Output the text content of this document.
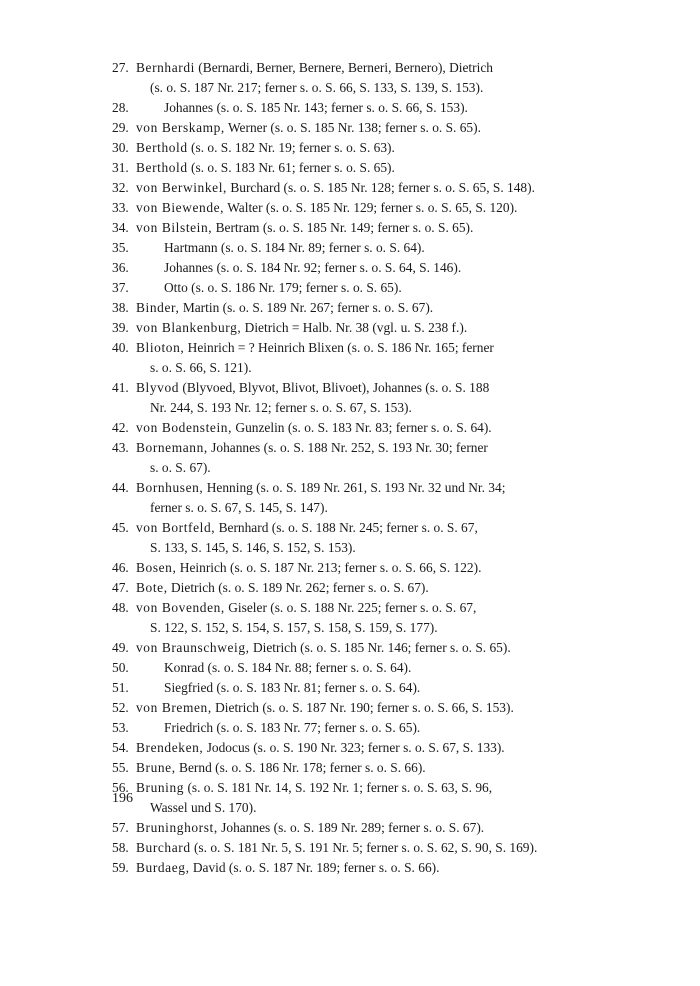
27. Bernhardi (Bernardi, Berner, Bernere, Berneri, Bernero), Dietrich
(s. o. S. 187 Nr. 217; ferner s. o. S. 66, S. 133, S. 139, S. 153).
28.	Johannes (s. o. S. 185 Nr. 143; ferner s. o. S. 66, S. 153).
29. von Berskamp, Werner (s. o. S. 185 Nr. 138; ferner s. o. S. 65).
30. Berthold (s. o. S. 182 Nr. 19; ferner s. o. S. 63).
31. Berthold (s. o. S. 183 Nr. 61; ferner s. o. S. 65).
32. von Berwinkel, Burchard (s. o. S. 185 Nr. 128; ferner s. o. S. 65, S. 148).
33. von Biewende, Walter (s. o. S. 185 Nr. 129; ferner s. o. S. 65, S. 120).
34. von Bilstein, Bertram (s. o. S. 185 Nr. 149; ferner s. o. S. 65).
35.	Hartmann (s. o. S. 184 Nr. 89; ferner s. o. S. 64).
36.	Johannes (s. o. S. 184 Nr. 92; ferner s. o. S. 64, S. 146).
37.	Otto (s. o. S. 186 Nr. 179; ferner s. o. S. 65).
38. Binder, Martin (s. o. S. 189 Nr. 267; ferner s. o. S. 67).
39. von Blankenburg, Dietrich = Halb. Nr. 38 (vgl. u. S. 238 f.).
40. Blioton, Heinrich = ? Heinrich Blixen (s. o. S. 186 Nr. 165; ferner
s. o. S. 66, S. 121).
41. Blyvod (Blyvoed, Blyvot, Blivot, Blivoet), Johannes (s. o. S. 188
Nr. 244, S. 193 Nr. 12; ferner s. o. S. 67, S. 153).
42. von Bodenstein, Gunzelin (s. o. S. 183 Nr. 83; ferner s. o. S. 64).
43. Bornemann, Johannes (s. o. S. 188 Nr. 252, S. 193 Nr. 30; ferner
s. o. S. 67).
44. Bornhusen, Henning (s. o. S. 189 Nr. 261, S. 193 Nr. 32 und Nr. 34;
ferner s. o. S. 67, S. 145, S. 147).
45. von Bortfeld, Bernhard (s. o. S. 188 Nr. 245; ferner s. o. S. 67,
S. 133, S. 145, S. 146, S. 152, S. 153).
46. Bosen, Heinrich (s. o. S. 187 Nr. 213; ferner s. o. S. 66, S. 122).
47. Bote, Dietrich (s. o. S. 189 Nr. 262; ferner s. o. S. 67).
48. von Bovenden, Giseler (s. o. S. 188 Nr. 225; ferner s. o. S. 67,
S. 122, S. 152, S. 154, S. 157, S. 158, S. 159, S. 177).
49. von Braunschweig, Dietrich (s. o. S. 185 Nr. 146; ferner s. o. S. 65).
50.	Konrad (s. o. S. 184 Nr. 88; ferner s. o. S. 64).
51.	Siegfried (s. o. S. 183 Nr. 81; ferner s. o. S. 64).
52. von Bremen, Dietrich (s. o. S. 187 Nr. 190; ferner s. o. S. 66, S. 153).
53.	Friedrich (s. o. S. 183 Nr. 77; ferner s. o. S. 65).
54. Brendeken, Jodocus (s. o. S. 190 Nr. 323; ferner s. o. S. 67, S. 133).
55. Brune, Bernd (s. o. S. 186 Nr. 178; ferner s. o. S. 66).
56. Bruning (s. o. S. 181 Nr. 14, S. 192 Nr. 1; ferner s. o. S. 63, S. 96,
Wassel und S. 170).
57. Bruninghorst, Johannes (s. o. S. 189 Nr. 289; ferner s. o. S. 67).
58. Burchard (s. o. S. 181 Nr. 5, S. 191 Nr. 5; ferner s. o. S. 62, S. 90, S. 169).
59. Burdaeg, David (s. o. S. 187 Nr. 189; ferner s. o. S. 66).
196
